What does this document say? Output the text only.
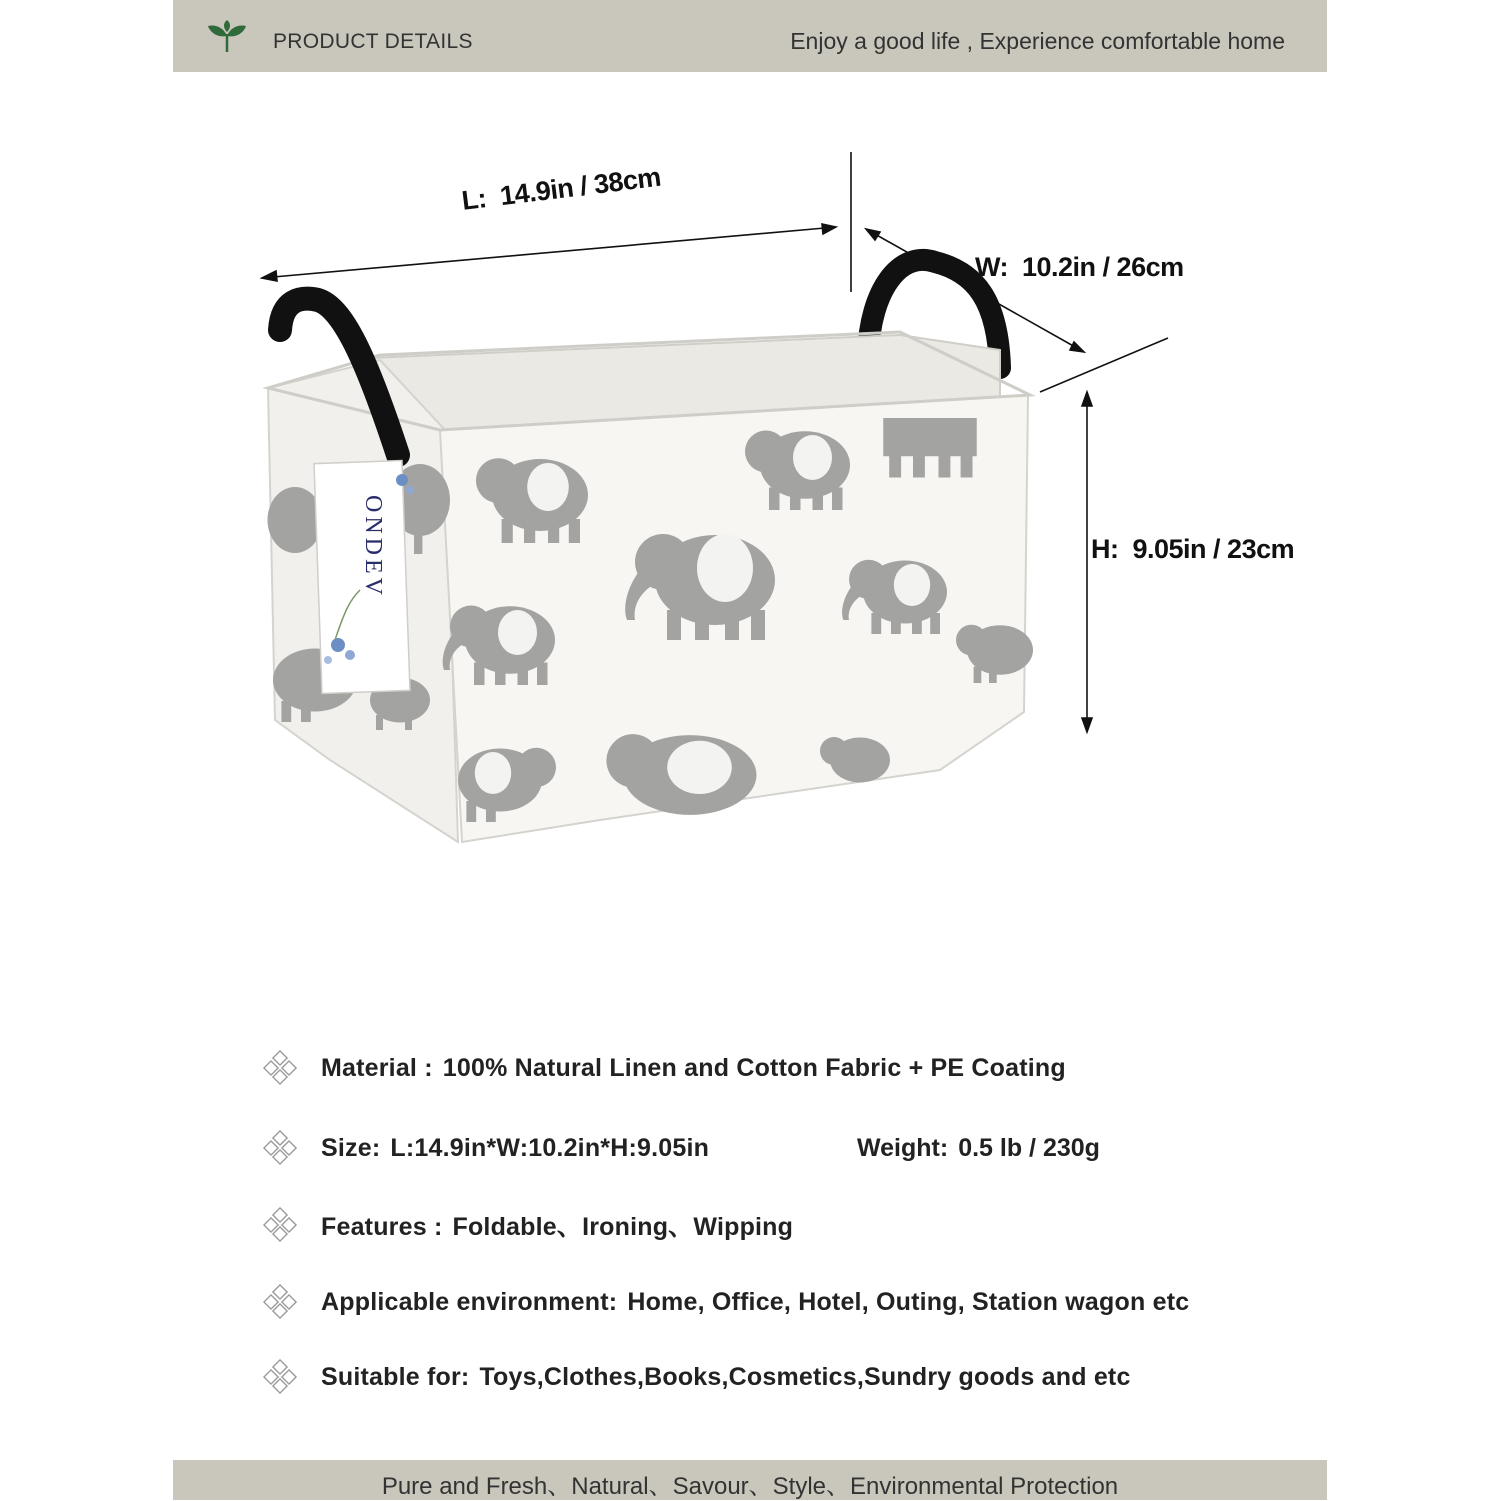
PRODUCT DETAILS	Enjoy a good life , Experience comfortable home
ONDEV
L: 14.9in / 38cm
W: 10.2in / 26cm
H: 9.05in / 23cm
Material : 100% Natural Linen and Cotton Fabric + PE Coating
Size: L:14.9in*W:10.2in*H:9.05in	Weight: 0.5 lb / 230g
Features : Foldable、Ironing、Wipping
Applicable environment: Home, Office, Hotel, Outing, Station wagon etc
Suitable for: Toys,Clothes,Books,Cosmetics,Sundry goods and etc
Pure and Fresh、Natural、Savour、Style、Environmental Protection
